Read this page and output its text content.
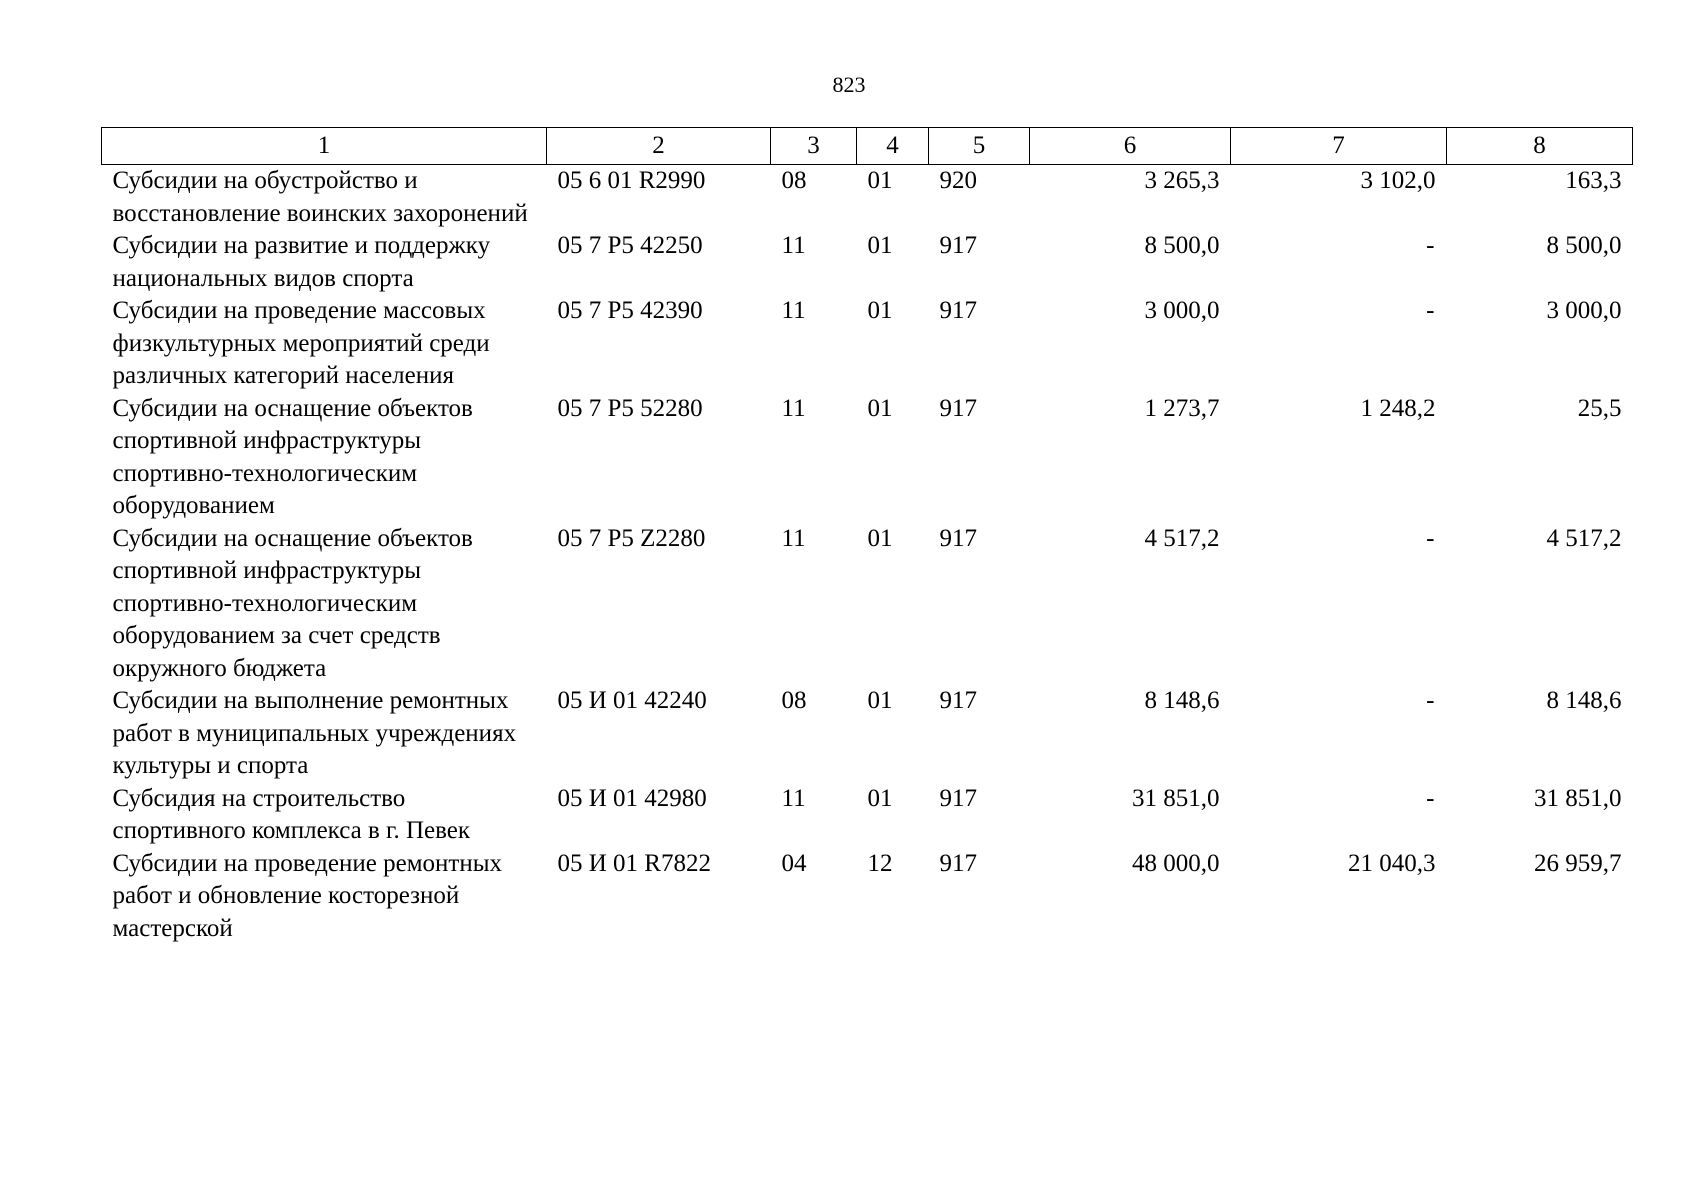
823
1	2	3	4	5	6	7	8
Субсидии на обустройство и восстановление воинских захоронений	05 6 01 R2990	08	01	920	3 265,3	3 102,0	163,3
Субсидии на развитие и поддержку национальных видов спорта	05 7 P5 42250	11	01	917	8 500,0	-	8 500,0
Субсидии на проведение массовых физкультурных мероприятий среди различных категорий населения	05 7 P5 42390	11	01	917	3 000,0	-	3 000,0
Субсидии на оснащение объектов спортивной инфраструктуры спортивно-технологическим оборудованием	05 7 P5 52280	11	01	917	1 273,7	1 248,2	25,5
Субсидии на оснащение объектов спортивной инфраструктуры спортивно-технологическим оборудованием за счет средств окружного бюджета	05 7 P5 Z2280	11	01	917	4 517,2	-	4 517,2
Субсидии на выполнение ремонтных работ в муниципальных учреждениях культуры и спорта	05 И 01 42240	08	01	917	8 148,6	-	8 148,6
Субсидия на строительство спортивного комплекса в г. Певек	05 И 01 42980	11	01	917	31 851,0	-	31 851,0
Субсидии на проведение ремонтных работ и обновление косторезной мастерской	05 И 01 R7822	04	12	917	48 000,0	21 040,3	26 959,7
